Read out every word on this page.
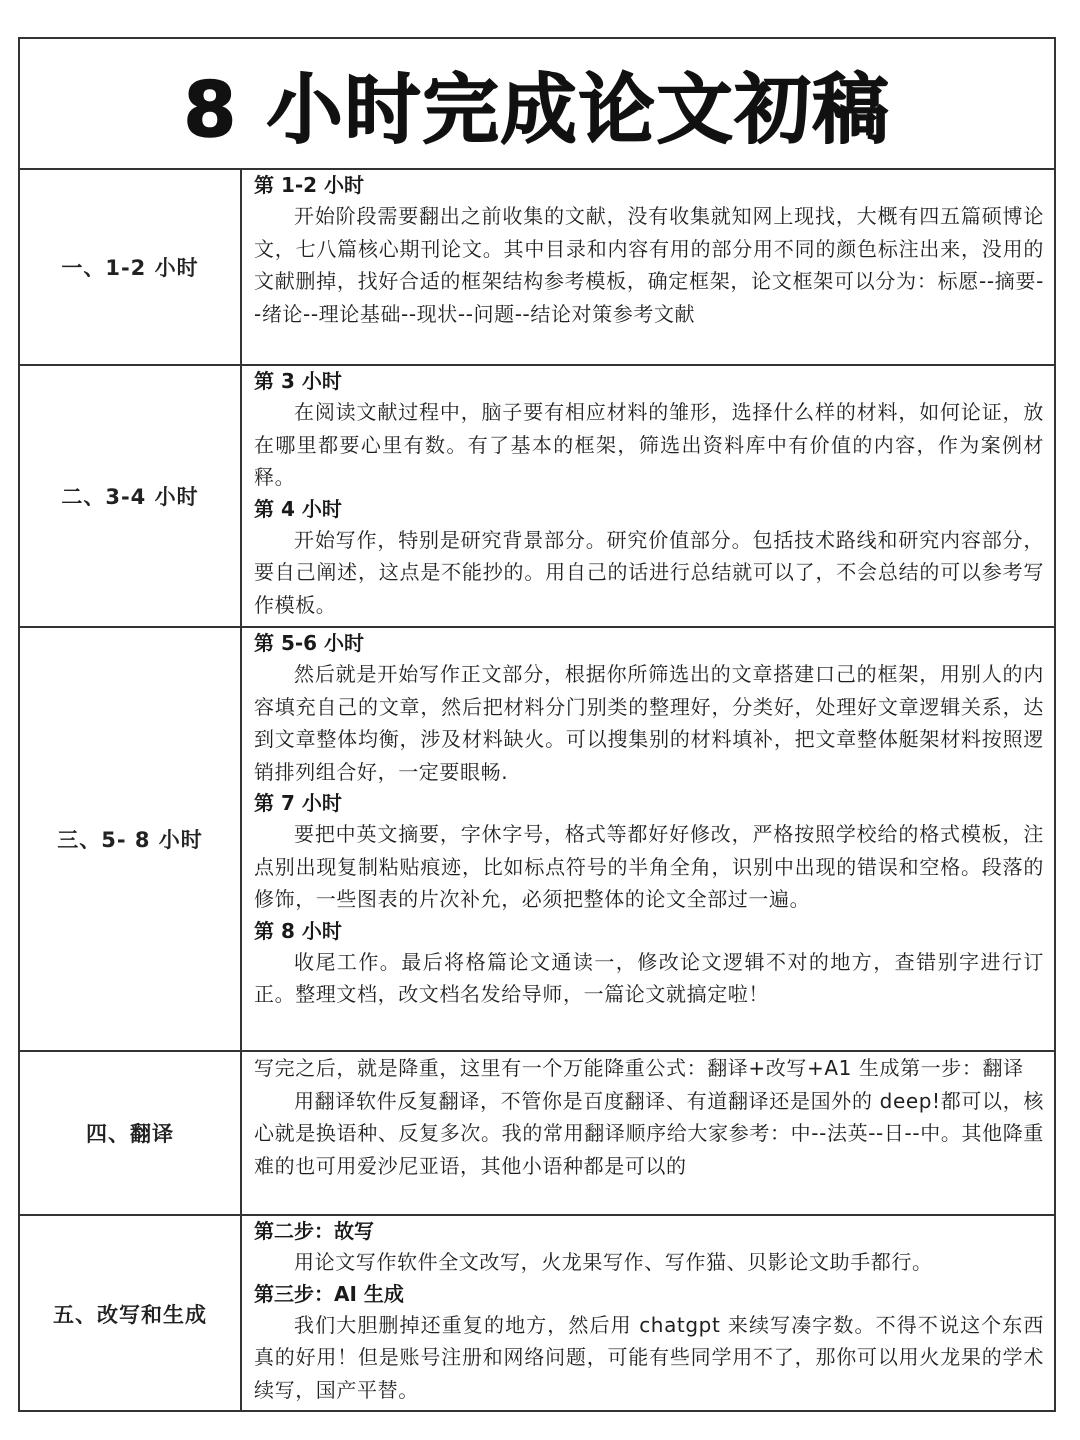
8 小时完成论文初稿
一、1-2 小时
第 1-2 小时
开始阶段需要翻出之前收集的文献，没有收集就知网上现找，大概有四五篇硕博论文，七八篇核心期刊论文。其中目录和内容有用的部分用不同的颜色标注出来，没用的文献删掉，找好合适的框架结构参考模板，确定框架，论文框架可以分为：标愿--摘要--绪论--理论基础--现状--问题--结论对策参考文献
二、3-4 小时
第 3 小时
在阅读文献过程中，脑子要有相应材料的雏形，选择什么样的材料，如何论证，放在哪里都要心里有数。有了基本的框架，筛选出资料库中有价值的内容，作为案例材释。
第 4 小时
开始写作，特别是研究背景部分。研究价值部分。包括技术路线和研究内容部分，要自己阐述，这点是不能抄的。用自己的话进行总结就可以了，不会总结的可以参考写作模板。
三、5- 8 小时
第 5-6 小时
然后就是开始写作正文部分，根据你所筛选出的文章搭建口己的框架，用别人的内容填充自己的文章，然后把材料分门别类的整理好，分类好，处理好文章逻辑关系，达到文章整体均衡，涉及材料缺火。可以搜集别的材料填补，把文章整体艇架材料按照逻销排列组合好，一定要眼畅.
第 7 小时
要把中英文摘要，字休字号，格式等都好好修改，严格按照学校给的格式模板，注点别出现复制粘贴痕迹，比如标点符号的半角全角，识别中出现的错误和空格。段落的修饰，一些图表的片次补允，必须把整体的论文全部过一遍。
第 8 小时
收尾工作。最后将格篇论文通读一，修改论文逻辑不对的地方，查错别字进行订正。整理文档，改文档名发给导师，一篇论文就搞定啦！
四、翻译
写完之后，就是降重，这里有一个万能降重公式：翻译+改写+A1 生成第一步：翻译
用翻译软件反复翻译，不管你是百度翻译、有道翻译还是国外的 deep!都可以，核心就是换语种、反复多次。我的常用翻译顺序给大家参考：中--法英--日--中。其他降重难的也可用爱沙尼亚语，其他小语种都是可以的
五、改写和生成
第二步：故写
用论文写作软件全文改写，火龙果写作、写作猫、贝影论文助手都行。
第三步：AI 生成
我们大胆删掉还重复的地方，然后用 chatgpt 来续写凑字数。不得不说这个东西真的好用！但是账号注册和网络问题，可能有些同学用不了，那你可以用火龙果的学术续写，国产平替。
